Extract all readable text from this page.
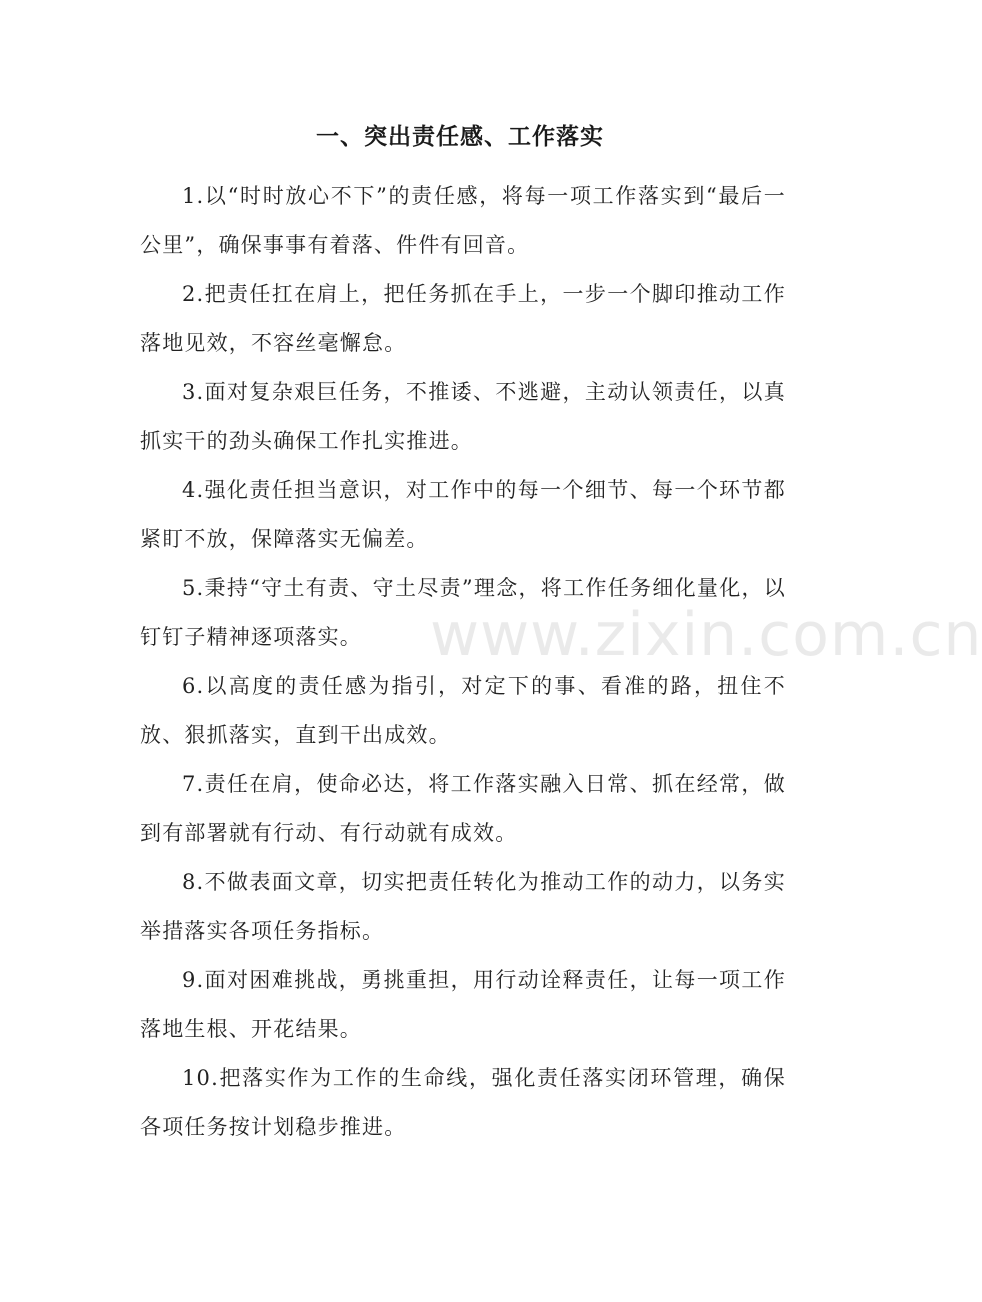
一、突出责任感、工作落实

1.以“时时放心不下”的责任感，将每一项工作落实到“最后一公里”，确保事事有着落、件件有回音。

2.把责任扛在肩上，把任务抓在手上，一步一个脚印推动工作落地见效，不容丝毫懈怠。

3.面对复杂艰巨任务，不推诿、不逃避，主动认领责任，以真抓实干的劲头确保工作扎实推进。

4.强化责任担当意识，对工作中的每一个细节、每一个环节都紧盯不放，保障落实无偏差。

5.秉持“守土有责、守土尽责”理念，将工作任务细化量化，以钉钉子精神逐项落实。

6.以高度的责任感为指引，对定下的事、看准的路，扭住不放、狠抓落实，直到干出成效。

7.责任在肩，使命必达，将工作落实融入日常、抓在经常，做到有部署就有行动、有行动就有成效。

8.不做表面文章，切实把责任转化为推动工作的动力，以务实举措落实各项任务指标。

9.面对困难挑战，勇挑重担，用行动诠释责任，让每一项工作落地生根、开花结果。

10.把落实作为工作的生命线，强化责任落实闭环管理，确保各项任务按计划稳步推进。

www.zixin.com.cn
